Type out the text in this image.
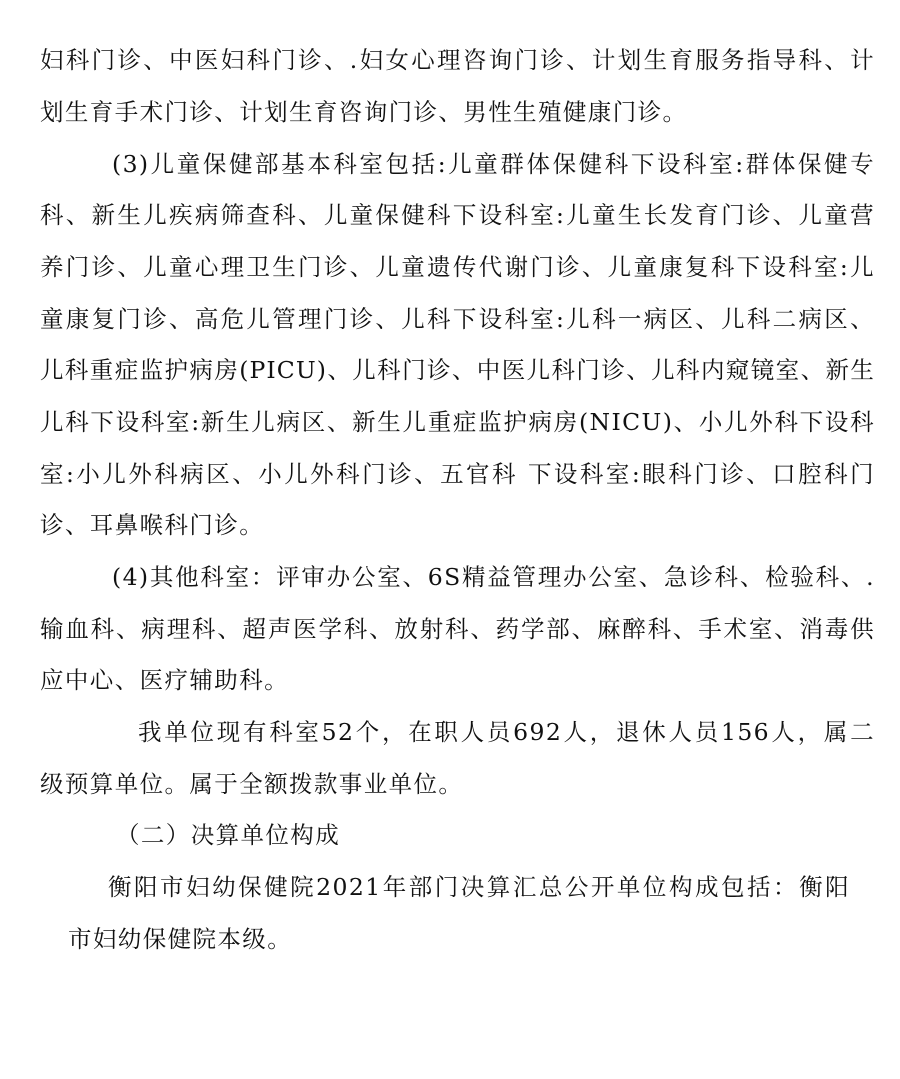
妇科门诊、中医妇科门诊、.妇女心理咨询门诊、计划生育服务指导科、计
划生育手术门诊、计划生育咨询门诊、男性生殖健康门诊。
(3)儿童保健部基本科室包括:儿童群体保健科下设科室:群体保健专
科、新生儿疾病筛查科、儿童保健科下设科室:儿童生长发育门诊、儿童营
养门诊、儿童心理卫生门诊、儿童遗传代谢门诊、儿童康复科下设科室:儿
童康复门诊、高危儿管理门诊、儿科下设科室:儿科一病区、儿科二病区、
儿科重症监护病房(PICU)、儿科门诊、中医儿科门诊、儿科内窥镜室、新生
儿科下设科室:新生儿病区、新生儿重症监护病房(NICU)、小儿外科下设科
室:小儿外科病区、小儿外科门诊、五官科 下设科室:眼科门诊、口腔科门
诊、耳鼻喉科门诊。
(4)其他科室：评审办公室、6S精益管理办公室、急诊科、检验科、.
输血科、病理科、超声医学科、放射科、药学部、麻醉科、手术室、消毒供
应中心、医疗辅助科。
我单位现有科室52个，在职人员692人，退休人员156人，属二
级预算单位。属于全额拨款事业单位。
（二）决算单位构成
衡阳市妇幼保健院2021年部门决算汇总公开单位构成包括：衡阳
市妇幼保健院本级。
